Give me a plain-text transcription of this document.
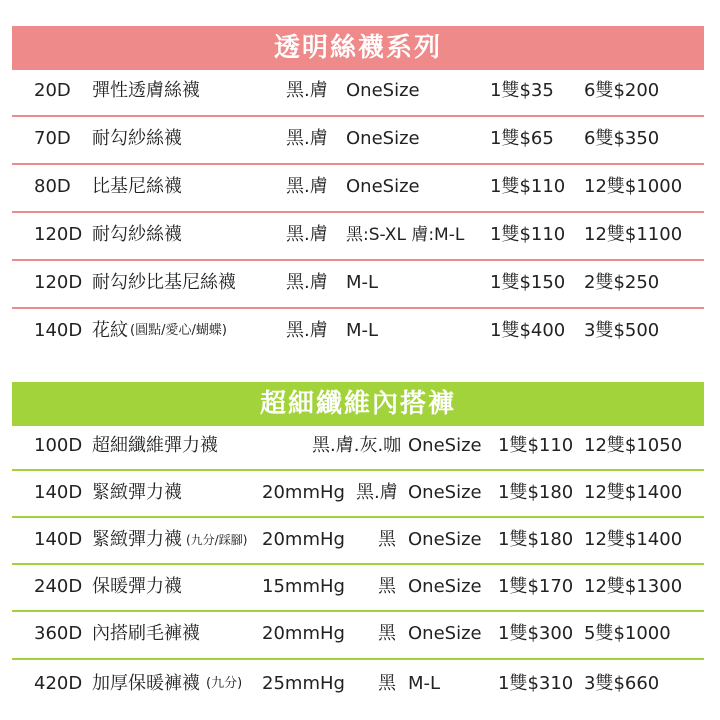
透明絲襪系列
20D 彈性透膚絲襪	黑.膚 OneSize	1雙$35 6雙$200
70D 耐勾紗絲襪	黑.膚 OneSize	1雙$65 6雙$350
80D 比基尼絲襪	黑.膚 OneSize	1雙$110 12雙$1000
120D 耐勾紗絲襪	黑.膚 黑:S-XL 膚:M-L 1雙$110 12雙$1100
120D 耐勾紗比基尼絲襪	黑.膚 M-L	1雙$150 2雙$250
140D 花紋 (圓點/愛心/蝴蝶)	黑.膚 M-L	1雙$400 3雙$500
超細纖維內搭褲
100D 超細纖維彈力襪	黑.膚.灰.咖 OneSize 1雙$110 12雙$1050
140D 緊緻彈力襪	20mmHg 黑.膚 OneSize 1雙$180 12雙$1400
140D 緊緻彈力襪 (九分/踩腳) 20mmHg 黑 OneSize 1雙$180 12雙$1400
240D 保暖彈力襪	15mmHg 黑 OneSize 1雙$170 12雙$1300
360D 內搭刷毛褲襪	20mmHg 黑 OneSize 1雙$300 5雙$1000
420D 加厚保暖褲襪 (九分) 25mmHg 黑 M-L	1雙$310 3雙$660
